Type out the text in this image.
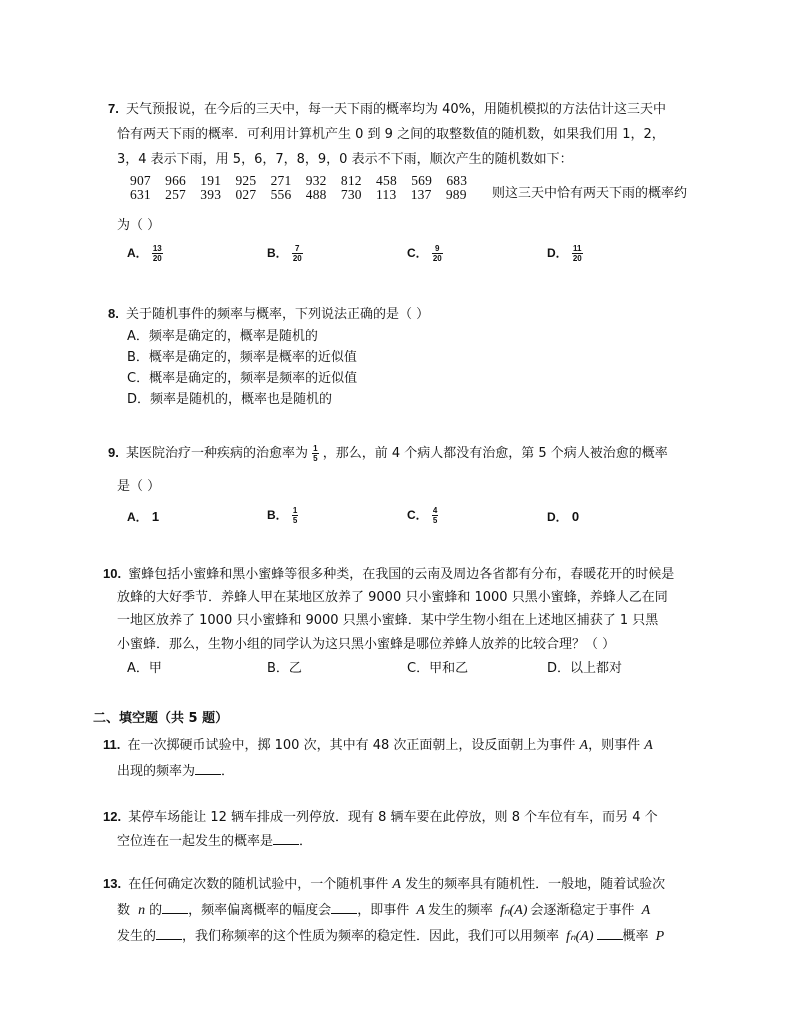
7. 天气预报说，在今后的三天中，每一天下雨的概率均为 40%，用随机模拟的方法估计这三天中
恰有两天下雨的概率．可利用计算机产生 0 到 9 之间的取整数值的随机数，如果我们用 1，2，
3，4 表示下雨，用 5，6，7，8，9，0 表示不下雨，顺次产生的随机数如下：
907    966    191    925    271    932    812    458    569    683
631    257    393    027    556    488    730    113    137    989 则这三天中恰有两天下雨的概率约
为（ ）
A． $\frac{13}{20}$	B． $\frac{7}{20}$	C． $\frac{9}{20}$	D． $\frac{11}{20}$
8. 关于随机事件的频率与概率，下列说法正确的是（ ）
A．频率是确定的，概率是随机的
B．概率是确定的，频率是概率的近似值
C．概率是确定的，频率是频率的近似值
D．频率是随机的，概率也是随机的
9. 某医院治疗一种疾病的治愈率为 $\frac{1}{5}$ ，那么，前 4 个病人都没有治愈，第 5 个病人被治愈的概率
是（ ）
A． 1	B． $\frac{1}{5}$	C． $\frac{4}{5}$	D． 0
10. 蜜蜂包括小蜜蜂和黑小蜜蜂等很多种类，在我国的云南及周边各省都有分布，春暖花开的时候是
放蜂的大好季节．养蜂人甲在某地区放养了 9000 只小蜜蜂和 1000 只黑小蜜蜂，养蜂人乙在同
一地区放养了 1000 只小蜜蜂和 9000 只黑小蜜蜂．某中学生物小组在上述地区捕获了 1 只黑
小蜜蜂．那么，生物小组的同学认为这只黑小蜜蜂是哪位养蜂人放养的比较合理？（ ）
A．甲	B．乙	C．甲和乙	D．以上都对
二、填空题（共 5 题）
11. 在一次掷硬币试验中，掷 100 次，其中有 48 次正面朝上，设反面朝上为事件 A，则事件 A
出现的频率为 ．
12. 某停车场能让 12 辆车排成一列停放．现有 8 辆车要在此停放，则 8 个车位有车，而另 4 个
空位连在一起发生的概率是 ．
13. 在任何确定次数的随机试验中，一个随机事件 A 发生的频率具有随机性．一般地，随着试验次
数 n 的 ，频率偏离概率的幅度会 ，即事件 A 发生的频率 fₙ(A) 会逐渐稳定于事件 A
发生的 ，我们称频率的这个性质为频率的稳定性．因此，我们可以用频率 fₙ(A) 概率 P
